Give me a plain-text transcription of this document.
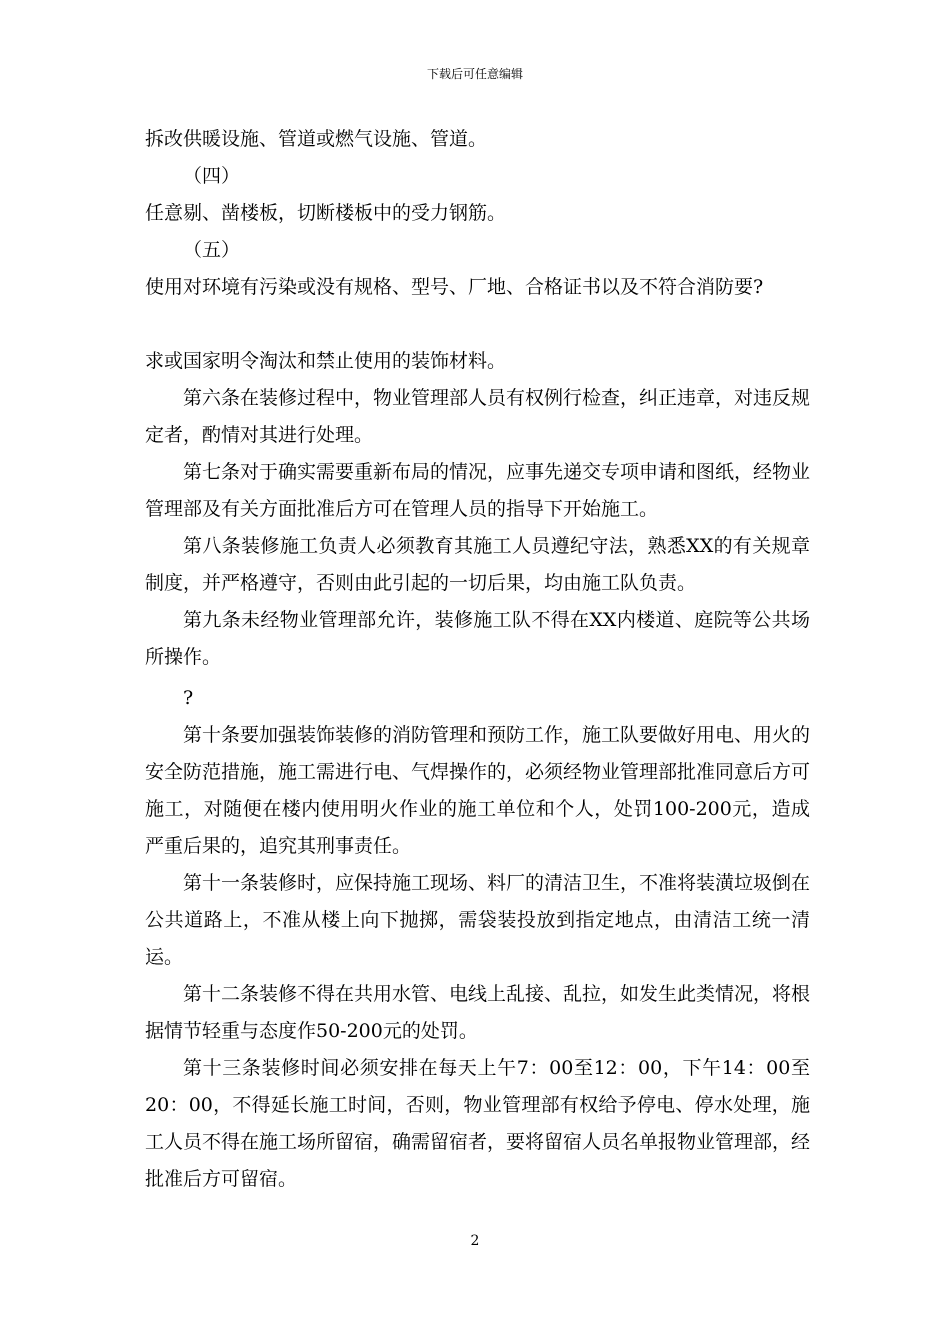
下载后可任意编辑
拆改供暖设施、管道或燃气设施、管道。
（四）
任意剔、凿楼板，切断楼板中的受力钢筋。
（五）
使用对环境有污染或没有规格、型号、厂地、合格证书以及不符合消防要?
求或国家明令淘汰和禁止使用的装饰材料。

第六条在装修过程中，物业管理部人员有权例行检查，纠正违章，对违反规定者，酌情对其进行处理。

第七条对于确实需要重新布局的情况，应事先递交专项申请和图纸，经物业管理部及有关方面批准后方可在管理人员的指导下开始施工。

第八条装修施工负责人必须教育其施工人员遵纪守法，熟悉XX的有关规章制度，并严格遵守，否则由此引起的一切后果，均由施工队负责。

第九条未经物业管理部允许，装修施工队不得在XX内楼道、庭院等公共场所操作。

?

第十条要加强装饰装修的消防管理和预防工作，施工队要做好用电、用火的安全防范措施，施工需进行电、气焊操作的，必须经物业管理部批准同意后方可施工，对随便在楼内使用明火作业的施工单位和个人，处罚100-200元，造成严重后果的，追究其刑事责任。

第十一条装修时，应保持施工现场、料厂的清洁卫生，不准将装潢垃圾倒在公共道路上，不准从楼上向下抛掷，需袋装投放到指定地点，由清洁工统一清运。

第十二条装修不得在共用水管、电线上乱接、乱拉，如发生此类情况，将根据情节轻重与态度作50-200元的处罚。

第十三条装修时间必须安排在每天上午7：00至12：00，下午14：00至20：00，不得延长施工时间，否则，物业管理部有权给予停电、停水处理，施工人员不得在施工场所留宿，确需留宿者，要将留宿人员名单报物业管理部，经批准后方可留宿。

2
